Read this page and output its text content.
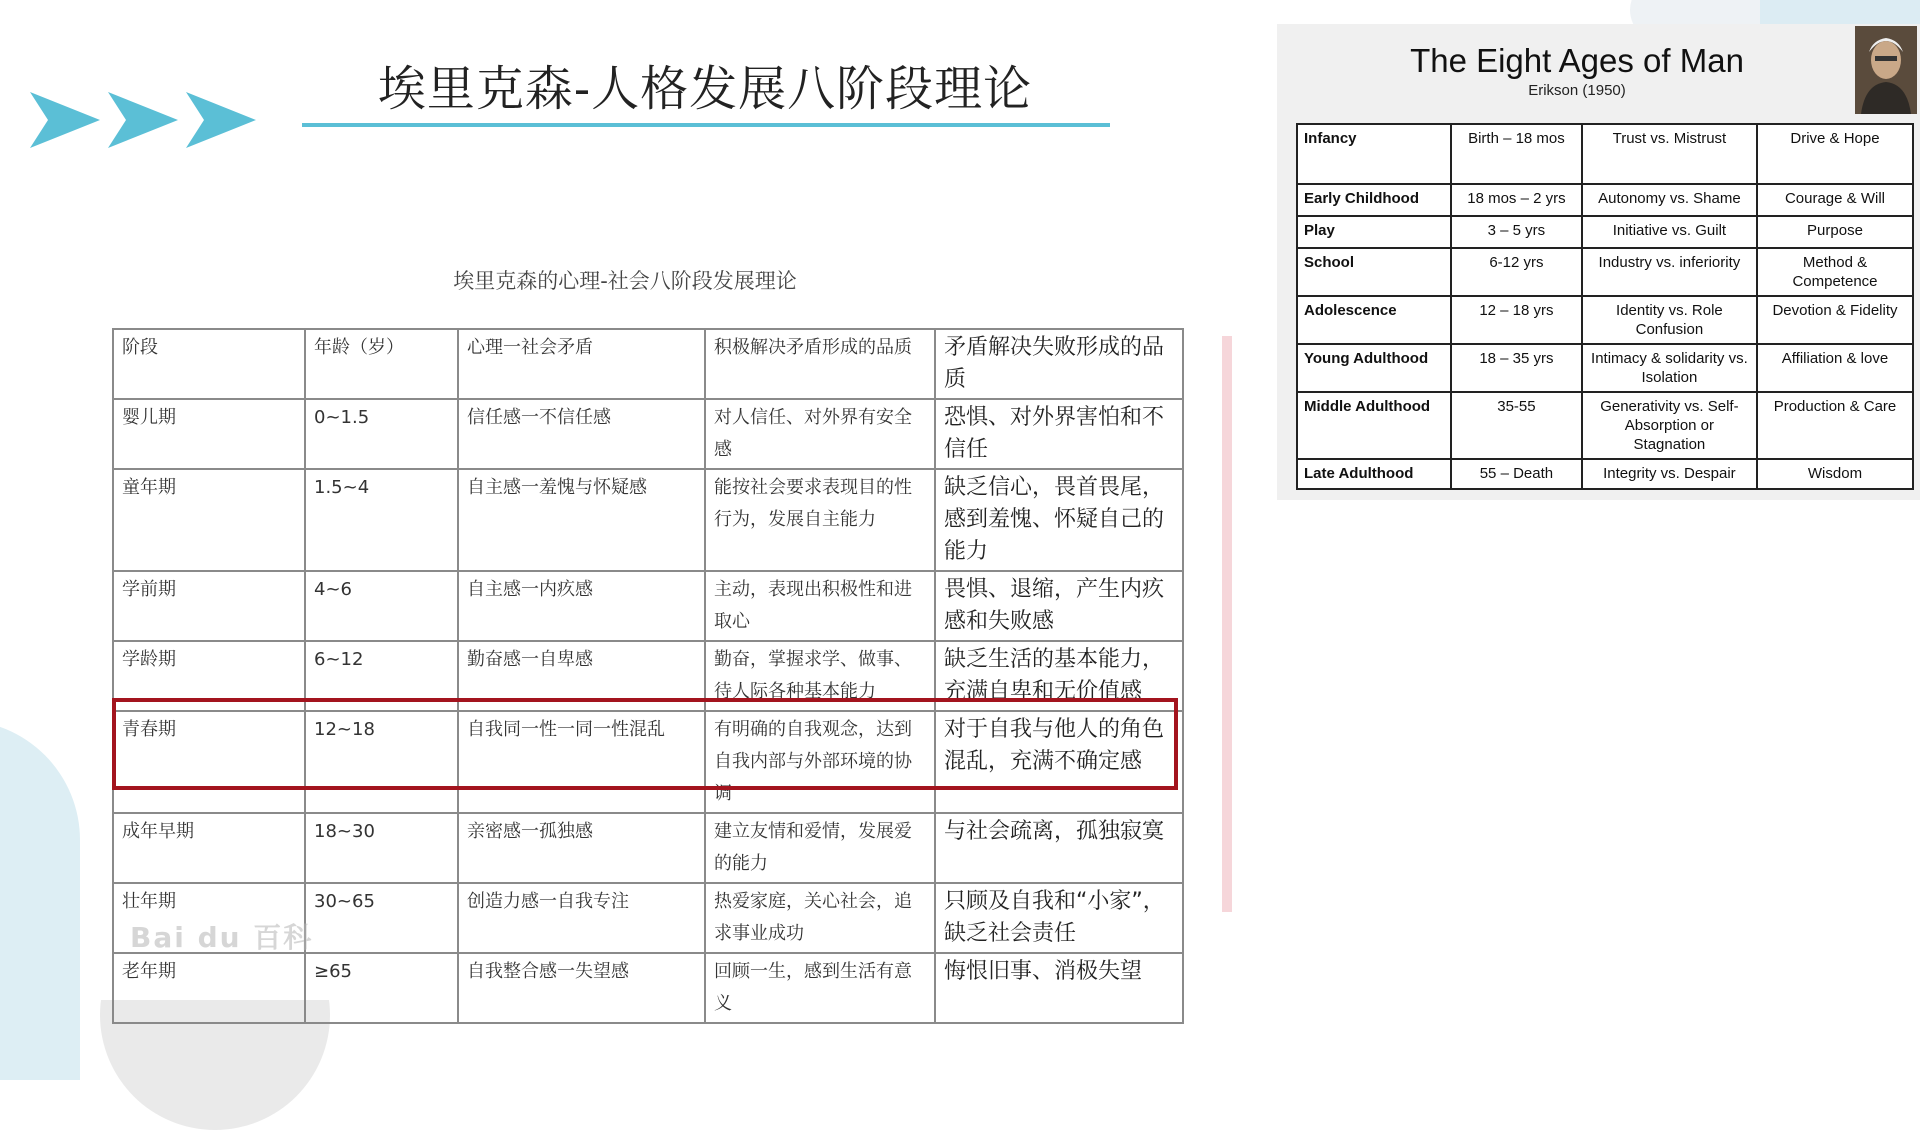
埃里克森-人格发展八阶段理论
埃里克森的心理-社会八阶段发展理论
阶段	年龄（岁）	心理一社会矛盾	积极解决矛盾形成的品质	矛盾解决失败形成的品质
婴儿期	0~1.5	信任感一不信任感	对人信任、对外界有安全感	恐惧、对外界害怕和不信任
童年期	1.5~4	自主感一羞愧与怀疑感	能按社会要求表现目的性行为，发展自主能力	缺乏信心，畏首畏尾，感到羞愧、怀疑自己的能力
学前期	4~6	自主感一内疚感	主动，表现出积极性和进取心	畏惧、退缩，产生内疚感和失败感
学龄期	6~12	勤奋感一自卑感	勤奋，掌握求学、做事、待人际各种基本能力	缺乏生活的基本能力，充满自卑和无价值感
青春期	12~18	自我同一性一同一性混乱	有明确的自我观念，达到自我内部与外部环境的协调	对于自我与他人的角色混乱，充满不确定感
成年早期	18~30	亲密感一孤独感	建立友情和爱情，发展爱的能力	与社会疏离，孤独寂寞
壮年期	30~65	创造力感一自我专注	热爱家庭，关心社会，追求事业成功	只顾及自我和“小家”，缺乏社会责任
老年期	≥65	自我整合感一失望感	回顾一生，感到生活有意义	悔恨旧事、消极失望
Bai du 百科
The Eight Ages of Man
Erikson (1950)
Infancy	Birth – 18 mos	Trust vs. Mistrust	Drive & Hope
Early Childhood	18 mos – 2 yrs	Autonomy vs. Shame	Courage & Will
Play	3 – 5 yrs	Initiative vs. Guilt	Purpose
School	6-12 yrs	Industry vs. inferiority	Method & Competence
Adolescence	12 – 18 yrs	Identity vs. Role Confusion	Devotion & Fidelity
Young Adulthood	18 – 35 yrs	Intimacy & solidarity vs. Isolation	Affiliation & love
Middle Adulthood	35-55	Generativity vs. Self-Absorption or Stagnation	Production & Care
Late Adulthood	55 – Death	Integrity vs. Despair	Wisdom
